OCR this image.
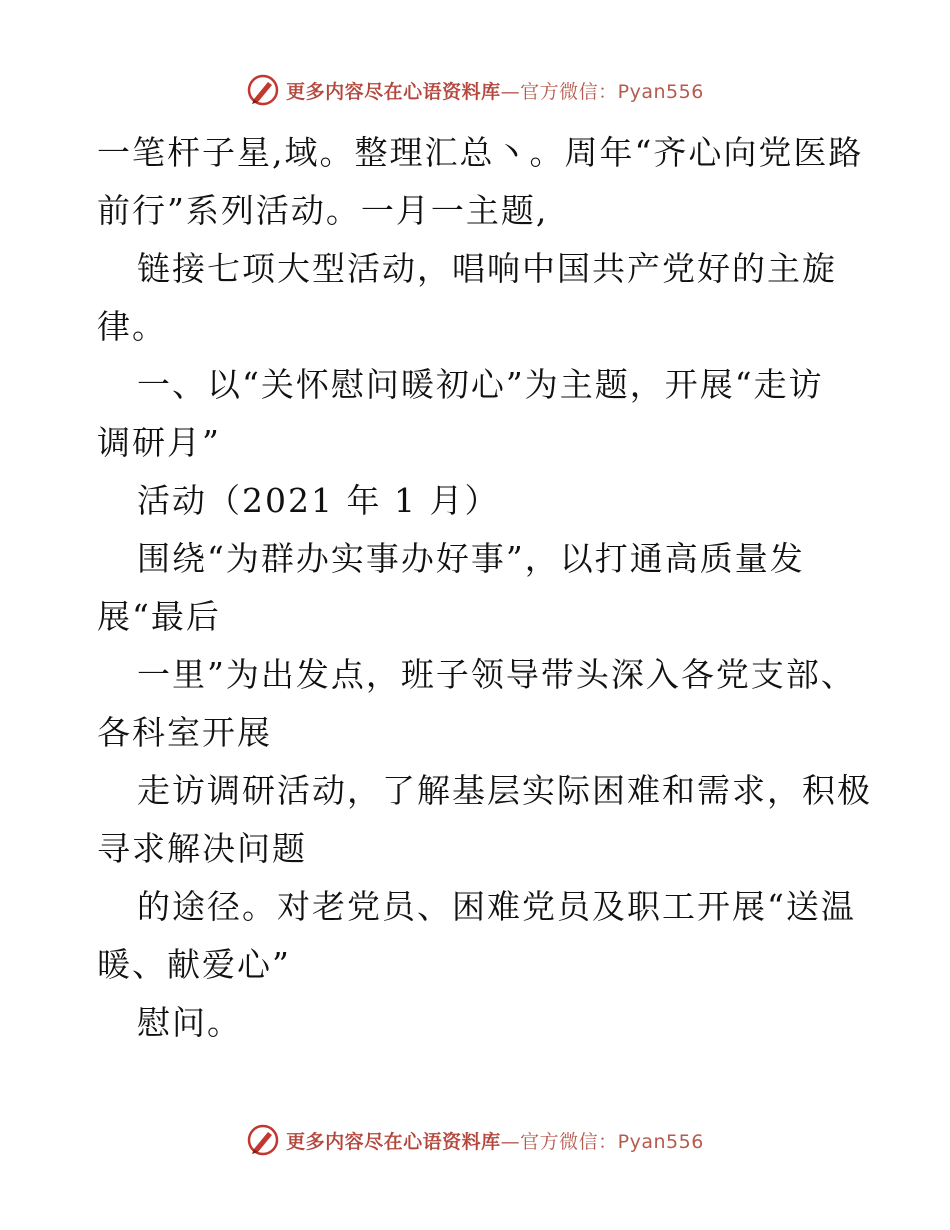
更多内容尽在心语资料库—官方微信：Pyan556
一笔杆子星,域。整理汇总丶。周年“齐心向党医路
前行”系列活动。一月一主题,
链接七项大型活动，唱响中国共产党好的主旋
律。
一、以“关怀慰问暖初心”为主题，开展“走访
调研月”
活动（2021 年 1 月）
围绕“为群办实事办好事”，以打通高质量发
展“最后
一里”为出发点，班子领导带头深入各党支部、
各科室开展
走访调研活动，了解基层实际困难和需求，积极
寻求解决问题
的途径。对老党员、困难党员及职工开展“送温
暖、献爱心”
慰问。
更多内容尽在心语资料库—官方微信：Pyan556
